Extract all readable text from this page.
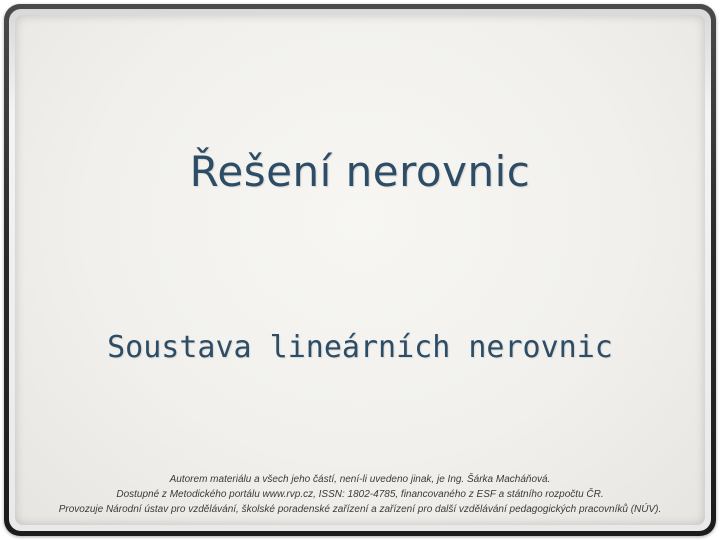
Řešení nerovnic
Soustava lineárních nerovnic
Autorem materiálu a všech jeho částí, není-li uvedeno jinak, je Ing. Šárka Macháňová.
Dostupné z Metodického portálu www.rvp.cz, ISSN: 1802-4785, financovaného z ESF a státního rozpočtu ČR.
Provozuje Národní ústav pro vzdělávání, školské poradenské zařízení a zařízení pro další vzdělávání pedagogických pracovníků (NÚV).
